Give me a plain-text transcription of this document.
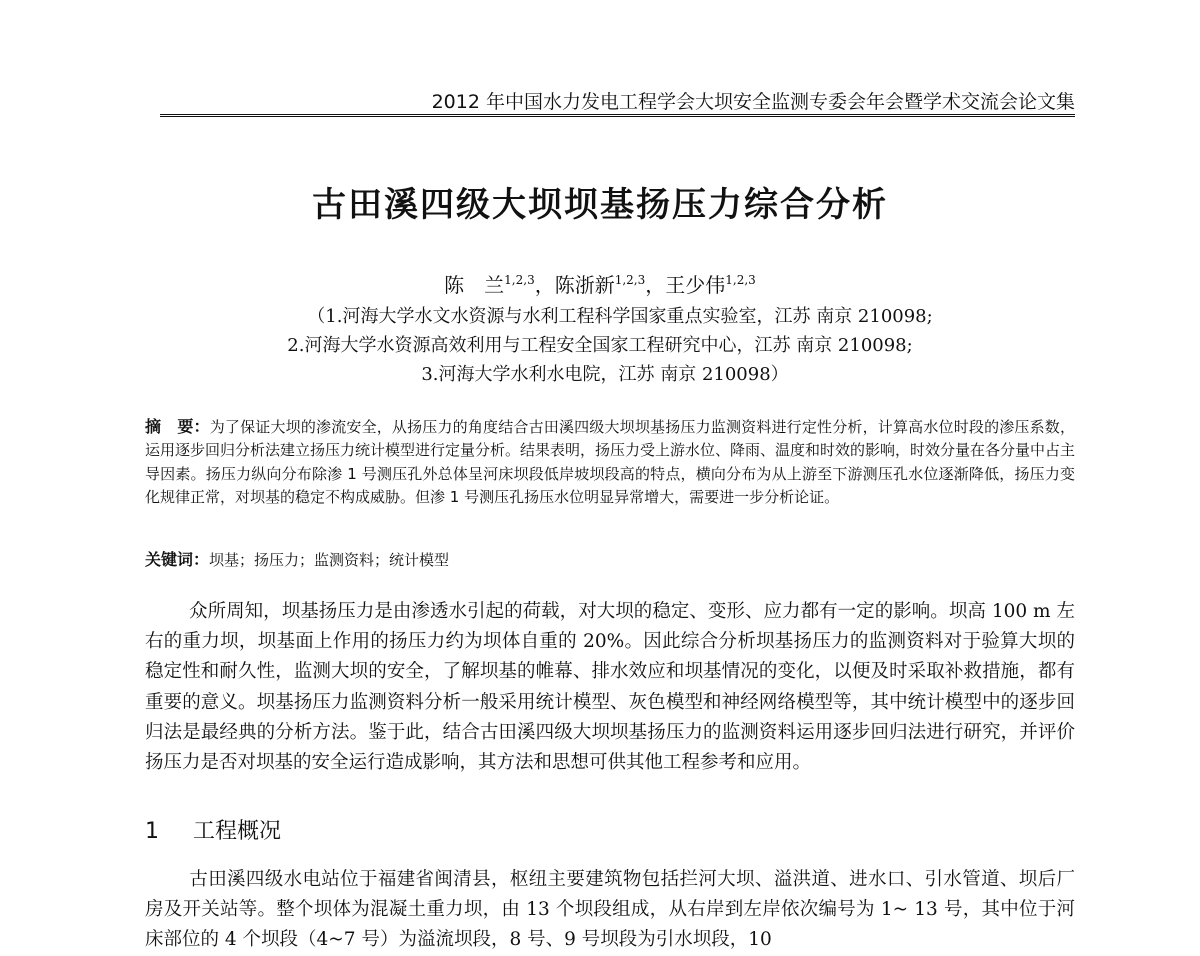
2012 年中国水力发电工程学会大坝安全监测专委会年会暨学术交流会论文集
古田溪四级大坝坝基扬压力综合分析
陈　兰$^{1,2,3}$，陈浙新$^{1,2,3}$，王少伟$^{1,2,3}$
（1.河海大学水文水资源与水利工程科学国家重点实验室，江苏 南京 210098;
2.河海大学水资源高效利用与工程安全国家工程研究中心，江苏 南京 210098;
3.河海大学水利水电院，江苏 南京 210098）
摘　要：为了保证大坝的渗流安全，从扬压力的角度结合古田溪四级大坝坝基扬压力监测资料进行定性分析，计算高水位时段的渗压系数，运用逐步回归分析法建立扬压力统计模型进行定量分析。结果表明，扬压力受上游水位、降雨、温度和时效的影响，时效分量在各分量中占主导因素。扬压力纵向分布除渗 1 号测压孔外总体呈河床坝段低岸坡坝段高的特点，横向分布为从上游至下游测压孔水位逐渐降低，扬压力变化规律正常，对坝基的稳定不构成威胁。但渗 1 号测压孔扬压水位明显异常增大，需要进一步分析论证。
关键词：坝基；扬压力；监测资料；统计模型

众所周知，坝基扬压力是由渗透水引起的荷载，对大坝的稳定、变形、应力都有一定的影响。坝高 100 m 左右的重力坝，坝基面上作用的扬压力约为坝体自重的 20%。因此综合分析坝基扬压力的监测资料对于验算大坝的稳定性和耐久性，监测大坝的安全，了解坝基的帷幕、排水效应和坝基情况的变化，以便及时采取补救措施，都有重要的意义。坝基扬压力监测资料分析一般采用统计模型、灰色模型和神经网络模型等，其中统计模型中的逐步回归法是最经典的分析方法。鉴于此，结合古田溪四级大坝坝基扬压力的监测资料运用逐步回归法进行研究，并评价扬压力是否对坝基的安全运行造成影响，其方法和思想可供其他工程参考和应用。

1 工程概况

古田溪四级水电站位于福建省闽清县，枢纽主要建筑物包括拦河大坝、溢洪道、进水口、引水管道、坝后厂房及开关站等。整个坝体为混凝土重力坝，由 13 个坝段组成，从右岸到左岸依次编号为 1~ 13 号，其中位于河床部位的 4 个坝段（4~7 号）为溢流坝段，8 号、9 号坝段为引水坝段，10
